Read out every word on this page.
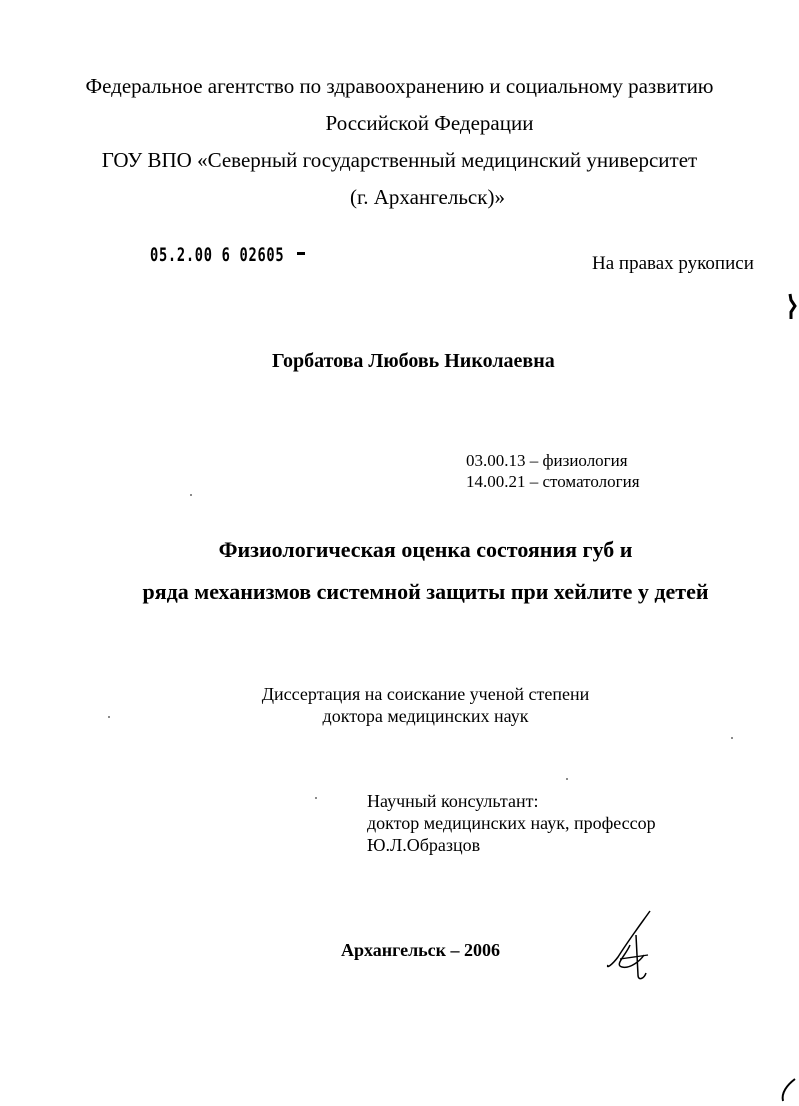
Федеральное агентство по здравоохранению и социальному развитию
Российской Федерации
ГОУ ВПО «Северный государственный медицинский университет
(г. Архангельск)»
05.2.00 6 02605	На правах рукописи
Горбатова Любовь Николаевна
03.00.13 – физиология
14.00.21 – стоматология
Физиологическая оценка состояния губ и
ряда механизмов системной защиты при хейлите у детей
Диссертация на соискание ученой степени
доктора медицинских наук
Научный консультант:
доктор медицинских наук, профессор
Ю.Л.Образцов
Архангельск – 2006
